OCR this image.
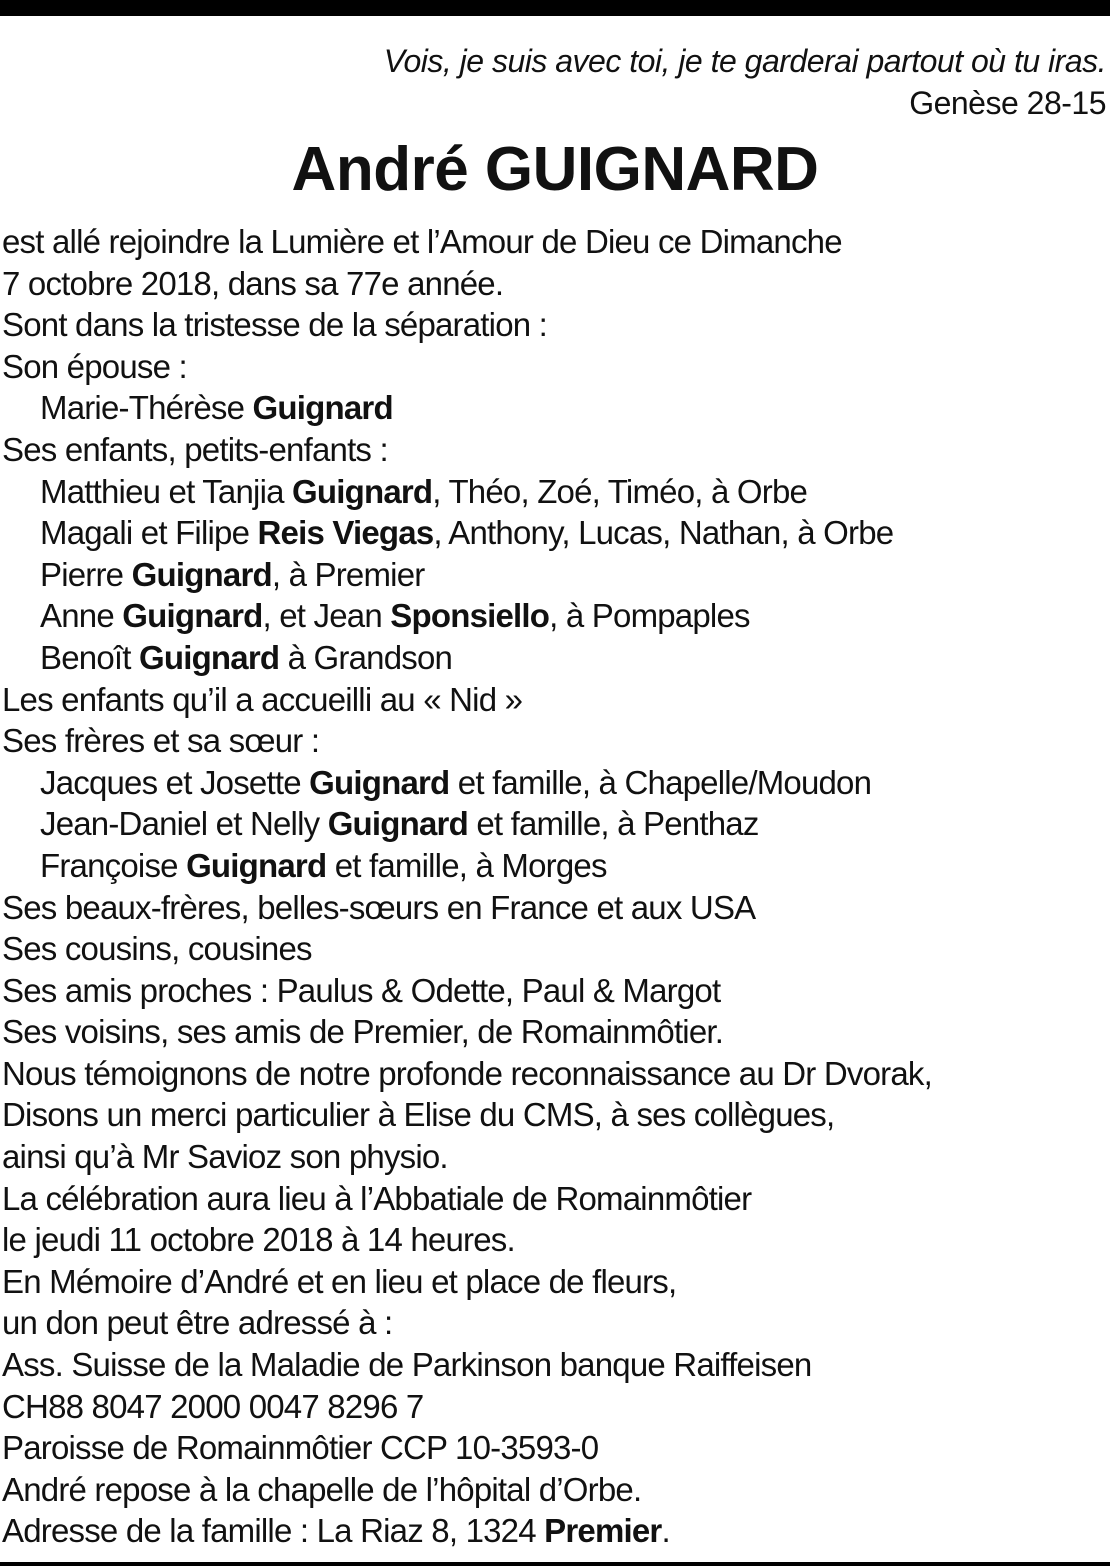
Vois, je suis avec toi, je te garderai partout où tu iras.
Genèse 28-15
André GUIGNARD
est allé rejoindre la Lumière et l’Amour de Dieu ce Dimanche
7 octobre 2018, dans sa 77e année.
Sont dans la tristesse de la séparation :
Son épouse :
Marie-Thérèse Guignard
Ses enfants, petits-enfants :
Matthieu et Tanjia Guignard, Théo, Zoé, Timéo, à Orbe
Magali et Filipe Reis Viegas, Anthony, Lucas, Nathan, à Orbe
Pierre Guignard, à Premier
Anne Guignard, et Jean Sponsiello, à Pompaples
Benoît Guignard à Grandson
Les enfants qu’il a accueilli au « Nid »
Ses frères et sa sœur :
Jacques et Josette Guignard et famille, à Chapelle/Moudon
Jean-Daniel et Nelly Guignard et famille, à Penthaz
Françoise Guignard et famille, à Morges
Ses beaux-frères, belles-sœurs en France et aux USA
Ses cousins, cousines
Ses amis proches : Paulus & Odette, Paul & Margot
Ses voisins, ses amis de Premier, de Romainmôtier.
Nous témoignons de notre profonde reconnaissance au Dr Dvorak,
Disons un merci particulier à Elise du CMS, à ses collègues,
ainsi qu’à Mr Savioz son physio.
La célébration aura lieu à l’Abbatiale de Romainmôtier
le jeudi 11 octobre 2018 à 14 heures.
En Mémoire d’André et en lieu et place de fleurs,
un don peut être adressé à :
Ass. Suisse de la Maladie de Parkinson banque Raiffeisen
CH88 8047 2000 0047 8296 7
Paroisse de Romainmôtier CCP 10-3593-0
André repose à la chapelle de l’hôpital d’Orbe.
Adresse de la famille : La Riaz 8, 1324 Premier.
